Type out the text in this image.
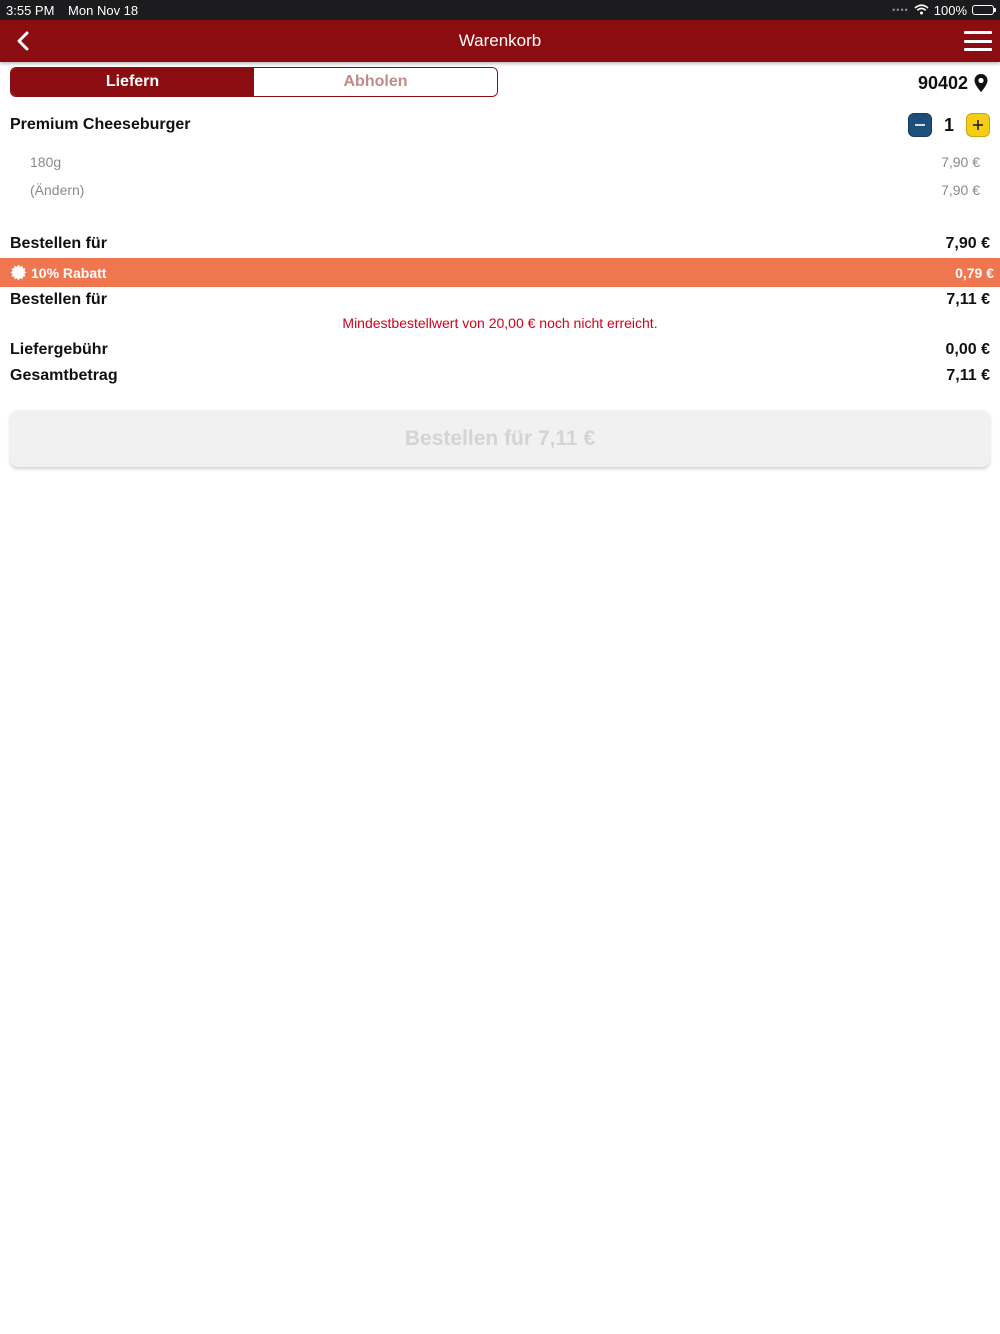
3:55 PM Mon Nov 18	•••• 100%
Warenkorb
Liefern	Abholen	90402
Premium Cheeseburger	1
180g	7,90 €
(Ändern)	7,90 €
Bestellen für	7,90 €
10% Rabatt	0,79 €
Bestellen für	7,11 €
Mindestbestellwert von 20,00 € noch nicht erreicht.
Liefergebühr	0,00 €
Gesamtbetrag	7,11 €
Bestellen für 7,11 €
